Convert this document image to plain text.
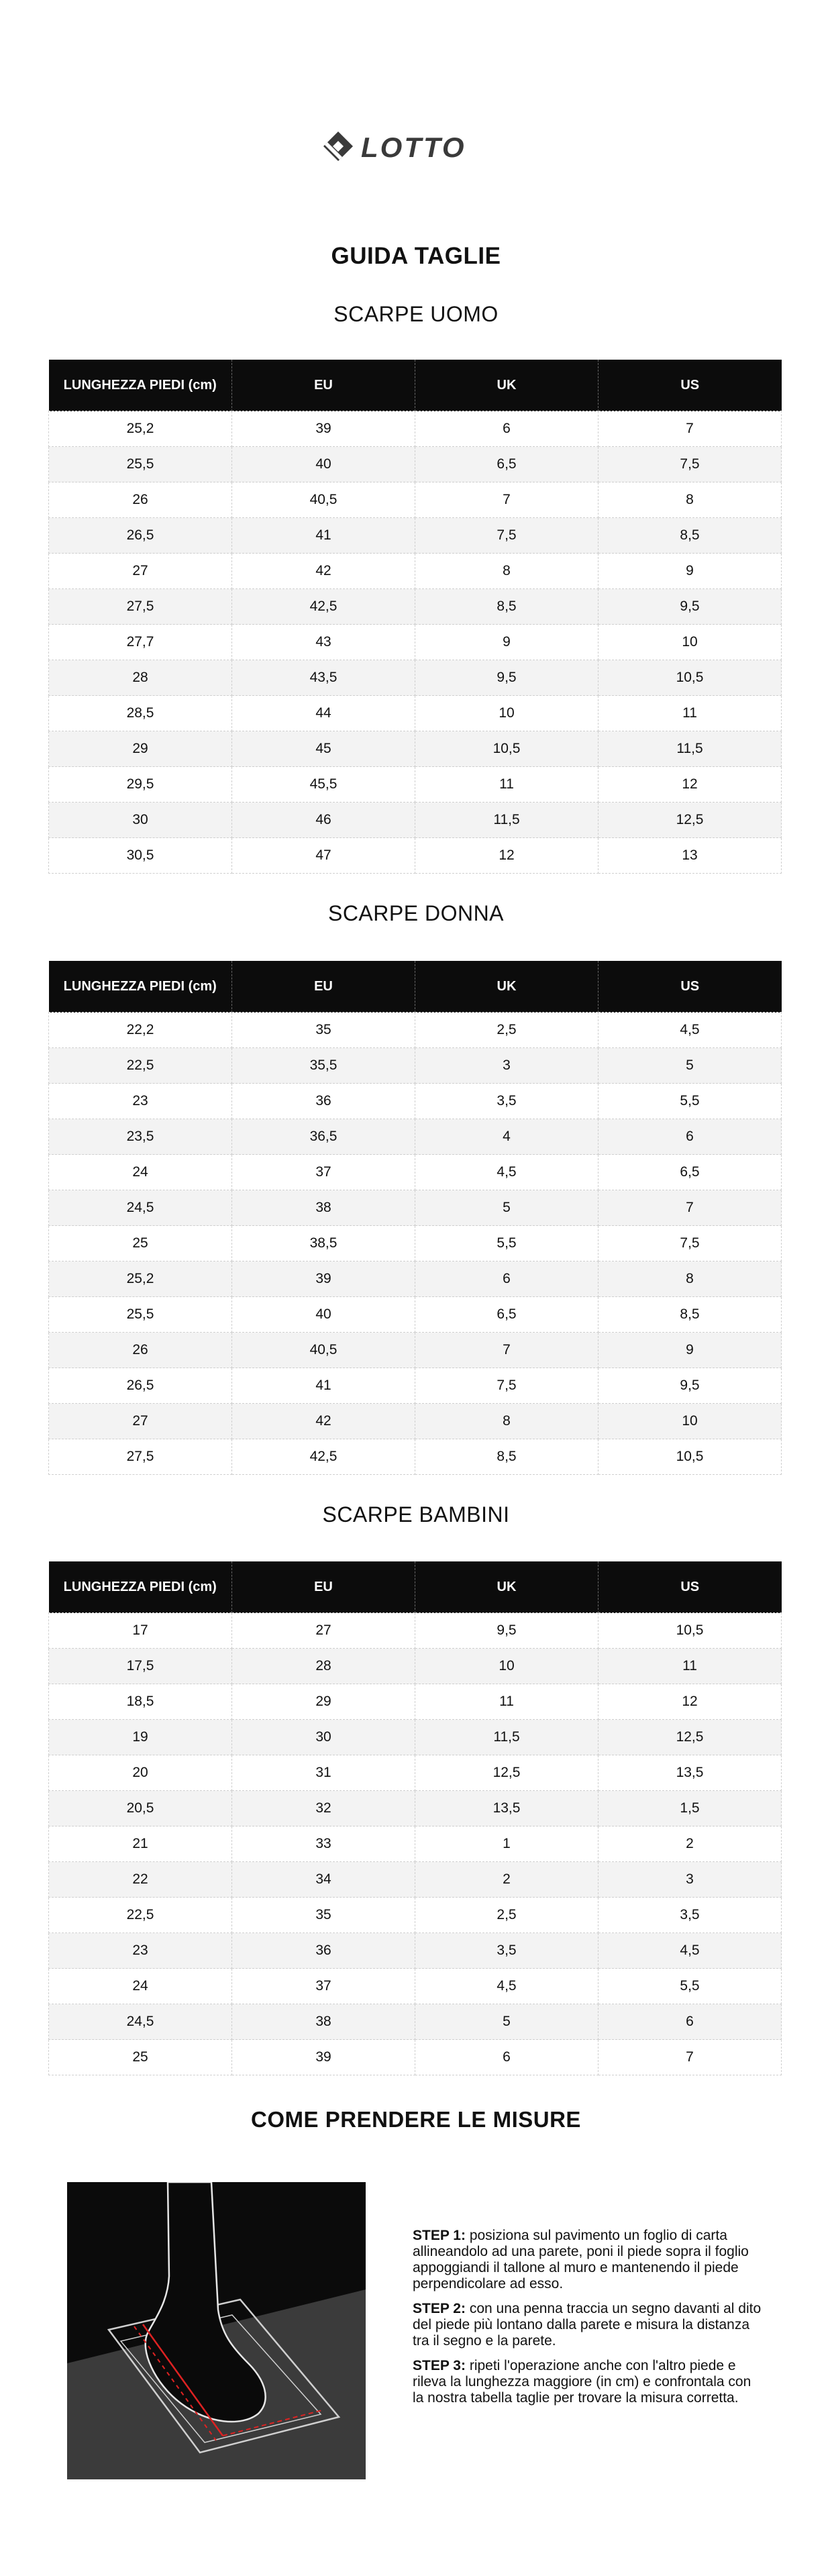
LOTTO
GUIDA TAGLIE
SCARPE UOMO
SCARPE DONNA
SCARPE BAMBINI
LUNGHEZZA PIEDI (cm)	EU	UK	US
25,2	39	6	7
25,5	40	6,5	7,5
26	40,5	7	8
26,5	41	7,5	8,5
27	42	8	9
27,5	42,5	8,5	9,5
27,7	43	9	10
28	43,5	9,5	10,5
28,5	44	10	11
29	45	10,5	11,5
29,5	45,5	11	12
30	46	11,5	12,5
30,5	47	12	13
LUNGHEZZA PIEDI (cm)	EU	UK	US
22,2	35	2,5	4,5
22,5	35,5	3	5
23	36	3,5	5,5
23,5	36,5	4	6
24	37	4,5	6,5
24,5	38	5	7
25	38,5	5,5	7,5
25,2	39	6	8
25,5	40	6,5	8,5
26	40,5	7	9
26,5	41	7,5	9,5
27	42	8	10
27,5	42,5	8,5	10,5
LUNGHEZZA PIEDI (cm)	EU	UK	US
17	27	9,5	10,5
17,5	28	10	11
18,5	29	11	12
19	30	11,5	12,5
20	31	12,5	13,5
20,5	32	13,5	1,5
21	33	1	2
22	34	2	3
22,5	35	2,5	3,5
23	36	3,5	4,5
24	37	4,5	5,5
24,5	38	5	6
25	39	6	7
COME PRENDERE LE MISURE

STEP 1: posiziona sul pavimento un foglio di carta allineandolo ad una parete, poni il piede sopra il foglio appoggiandi il tallone al muro e mantenendo il piede perpendicolare ad esso.

STEP 2: con una penna traccia un segno davanti al dito del piede più lontano dalla parete e misura la distanza tra il segno e la parete.

STEP 3: ripeti l'operazione anche con l'altro piede e rileva la lunghezza maggiore (in cm) e confrontala con la nostra tabella taglie per trovare la misura corretta.
